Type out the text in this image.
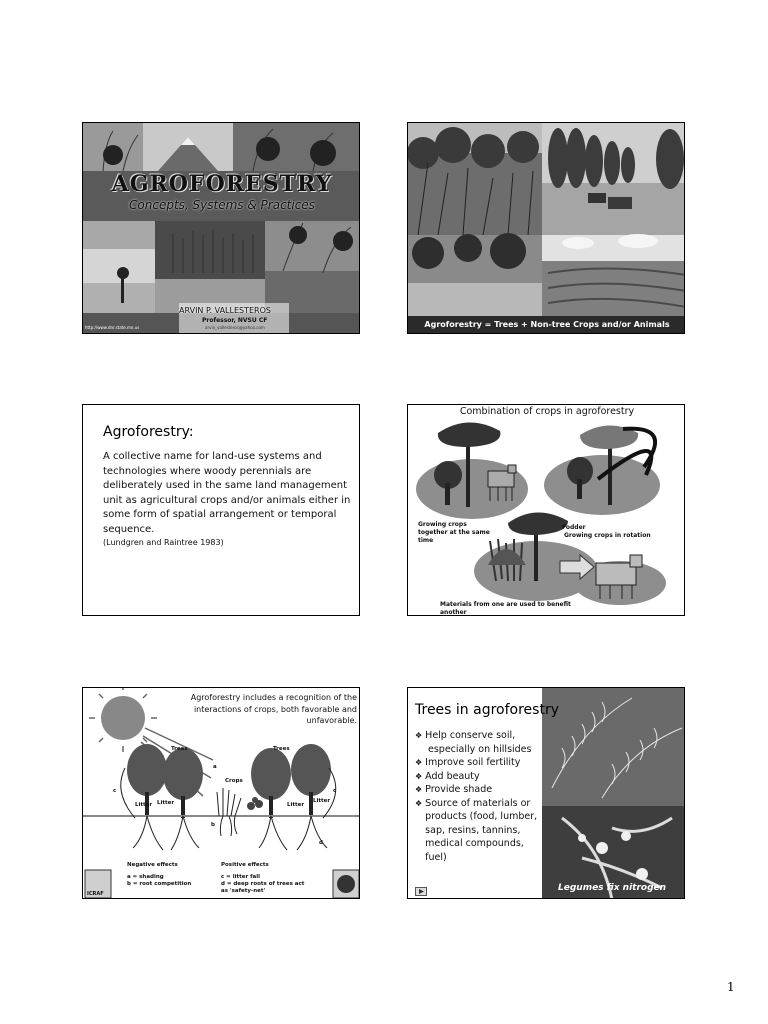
AGROFORESTRY
Concepts, Systems & Practices
ARVIN P. VALLESTEROS
Professor, NVSU CF
arvin_vallesteros@yahoo.com
http://www.dnr.state.mn.us	Agroforestry = Trees + Non-tree Crops and/or Animals
Agroforestry:
A collective name for land-use systems and technologies where woody perennials are deliberately used in the same land management unit as agricultural crops and/or animals either in some form of spatial arrangement or temporal sequence.
(Lundgren and Raintree 1983)
Combination of crops in agroforestry
Growing crops together at the same time
Growing crops in rotation
Fodder
Materials from one are used to benefit another
Agroforestry includes a recognition of the interactions of crops, both favorable and unfavorable.
Trees	Trees
Crops
Litter Litter	Litter
Litter
a
b
c	c
d
Negative effects
a = shading
b = root competition
Positive effects
c = litter fall
d = deep roots of trees act as 'safety-net'
ICRAF
Trees in agroforestry
❖ Help conserve soil,
especially on hillsides
❖ Improve soil fertility
❖ Add beauty
❖ Provide shade
❖ Source of materials or products (food, lumber, sap, resins, tannins, medical compounds, fuel)
Legumes fix nitrogen
1
